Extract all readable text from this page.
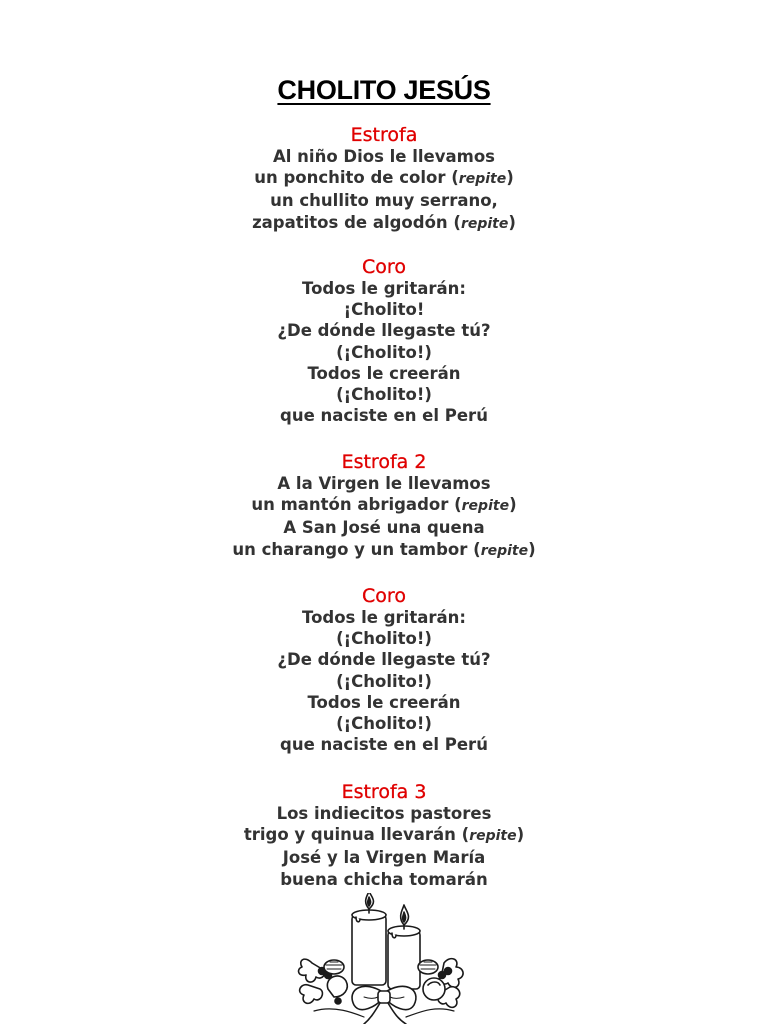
CHOLITO JESÚS
Estrofa
Al niño Dios le llevamos
un ponchito de color (repite)
un chullito muy serrano,
zapatitos de algodón (repite)
Coro
Todos le gritarán:
¡Cholito!
¿De dónde llegaste tú?
(¡Cholito!)
Todos le creerán
(¡Cholito!)
que naciste en el Perú
Estrofa 2
A la Virgen le llevamos
un mantón abrigador (repite)
A San José una quena
un charango y un tambor (repite)
Coro
Todos le gritarán:
(¡Cholito!)
¿De dónde llegaste tú?
(¡Cholito!)
Todos le creerán
(¡Cholito!)
que naciste en el Perú
Estrofa 3
Los indiecitos pastores
trigo y quinua llevarán (repite)
José y la Virgen María
buena chicha tomarán
